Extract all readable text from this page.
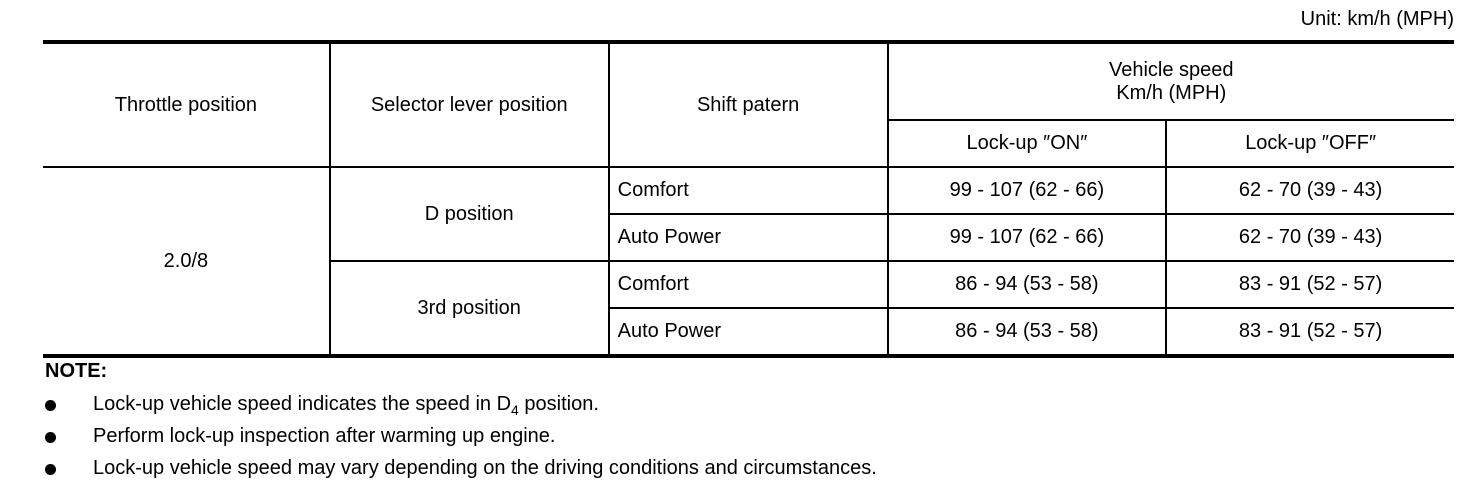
Unit: km/h (MPH)
Throttle position	Selector lever position	Shift patern	Vehicle speed
Km/h (MPH)	

			Lock-up ″ON″	Lock-up ″OFF″
2.0/8	D position	Comfort	99 - 107 (62 - 66)	62 - 70 (39 - 43)
		Auto Power	99 - 107 (62 - 66)	62 - 70 (39 - 43)
	3rd position	Comfort	86 - 94 (53 - 58)	83 - 91 (52 - 57)
		Auto Power	86 - 94 (53 - 58)	83 - 91 (52 - 57)
NOTE:
Lock-up vehicle speed indicates the speed in $D_4$ position.
Perform lock-up inspection after warming up engine.
Lock-up vehicle speed may vary depending on the driving conditions and circumstances.
